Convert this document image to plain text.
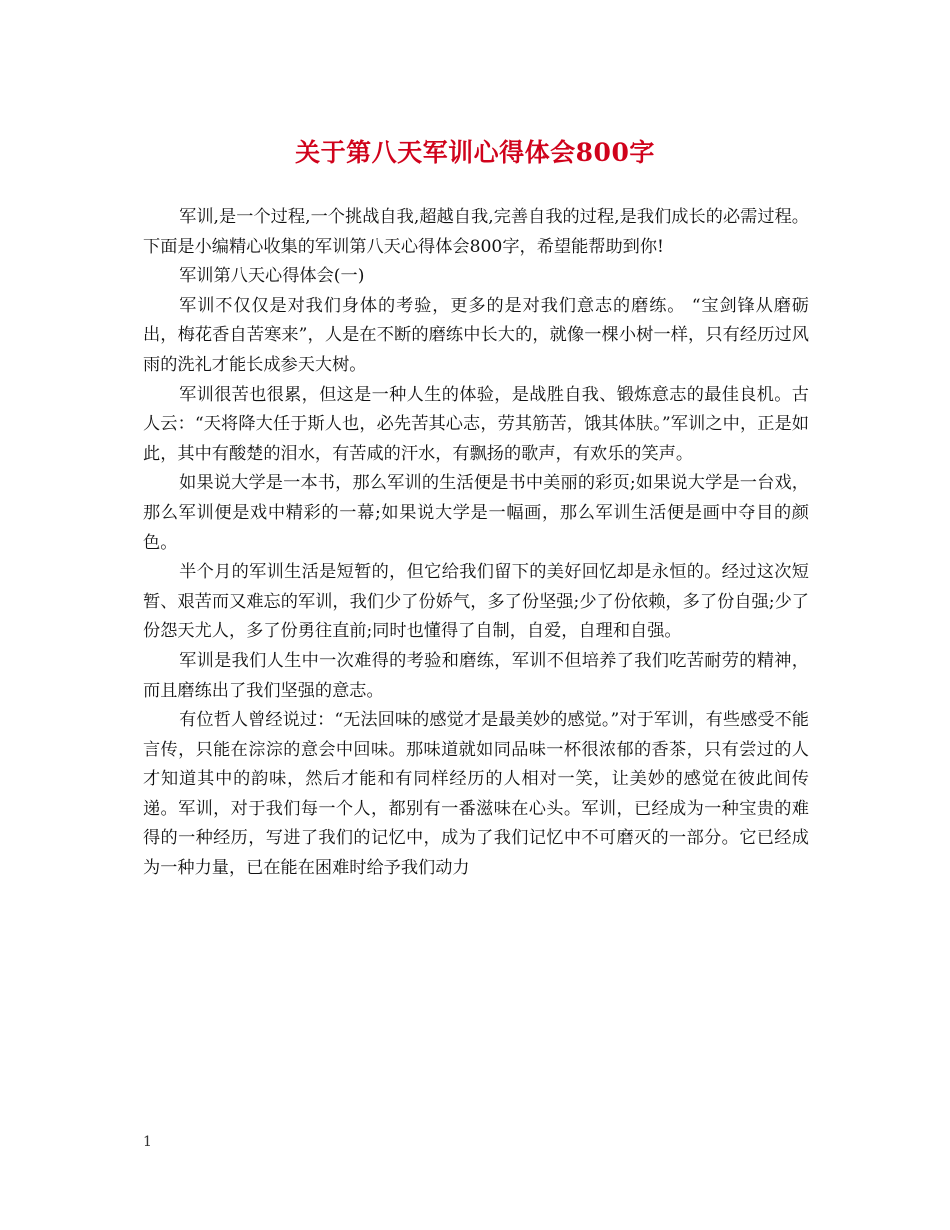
关于第八天军训心得体会800字

军训,是一个过程,一个挑战自我,超越自我,完善自我的过程,是我们成长的必需过程。下面是小编精心收集的军训第八天心得体会800字，希望能帮助到你!

军训第八天心得体会(一)

军训不仅仅是对我们身体的考验，更多的是对我们意志的磨练。 “宝剑锋从磨砺出，梅花香自苦寒来”，人是在不断的磨练中长大的，就像一棵小树一样，只有经历过风雨的洗礼才能长成参天大树。

军训很苦也很累，但这是一种人生的体验，是战胜自我、锻炼意志的最佳良机。古人云：“天将降大任于斯人也，必先苦其心志，劳其筋苦，饿其体肤。”军训之中，正是如此，其中有酸楚的泪水，有苦咸的汗水，有飘扬的歌声，有欢乐的笑声。

如果说大学是一本书，那么军训的生活便是书中美丽的彩页;如果说大学是一台戏，那么军训便是戏中精彩的一幕;如果说大学是一幅画，那么军训生活便是画中夺目的颜色。

半个月的军训生活是短暂的，但它给我们留下的美好回忆却是永恒的。经过这次短暂、艰苦而又难忘的军训，我们少了份娇气，多了份坚强;少了份依赖，多了份自强;少了份怨天尤人，多了份勇往直前;同时也懂得了自制，自爱，自理和自强。

军训是我们人生中一次难得的考验和磨练，军训不但培养了我们吃苦耐劳的精神，而且磨练出了我们坚强的意志。

有位哲人曾经说过：“无法回味的感觉才是最美妙的感觉。”对于军训，有些感受不能言传，只能在淙淙的意会中回味。那味道就如同品味一杯很浓郁的香茶，只有尝过的人才知道其中的韵味，然后才能和有同样经历的人相对一笑，让美妙的感觉在彼此间传递。军训，对于我们每一个人，都别有一番滋味在心头。军训，已经成为一种宝贵的难得的一种经历，写进了我们的记忆中，成为了我们记忆中不可磨灭的一部分。它已经成为一种力量，已在能在困难时给予我们动力

1
